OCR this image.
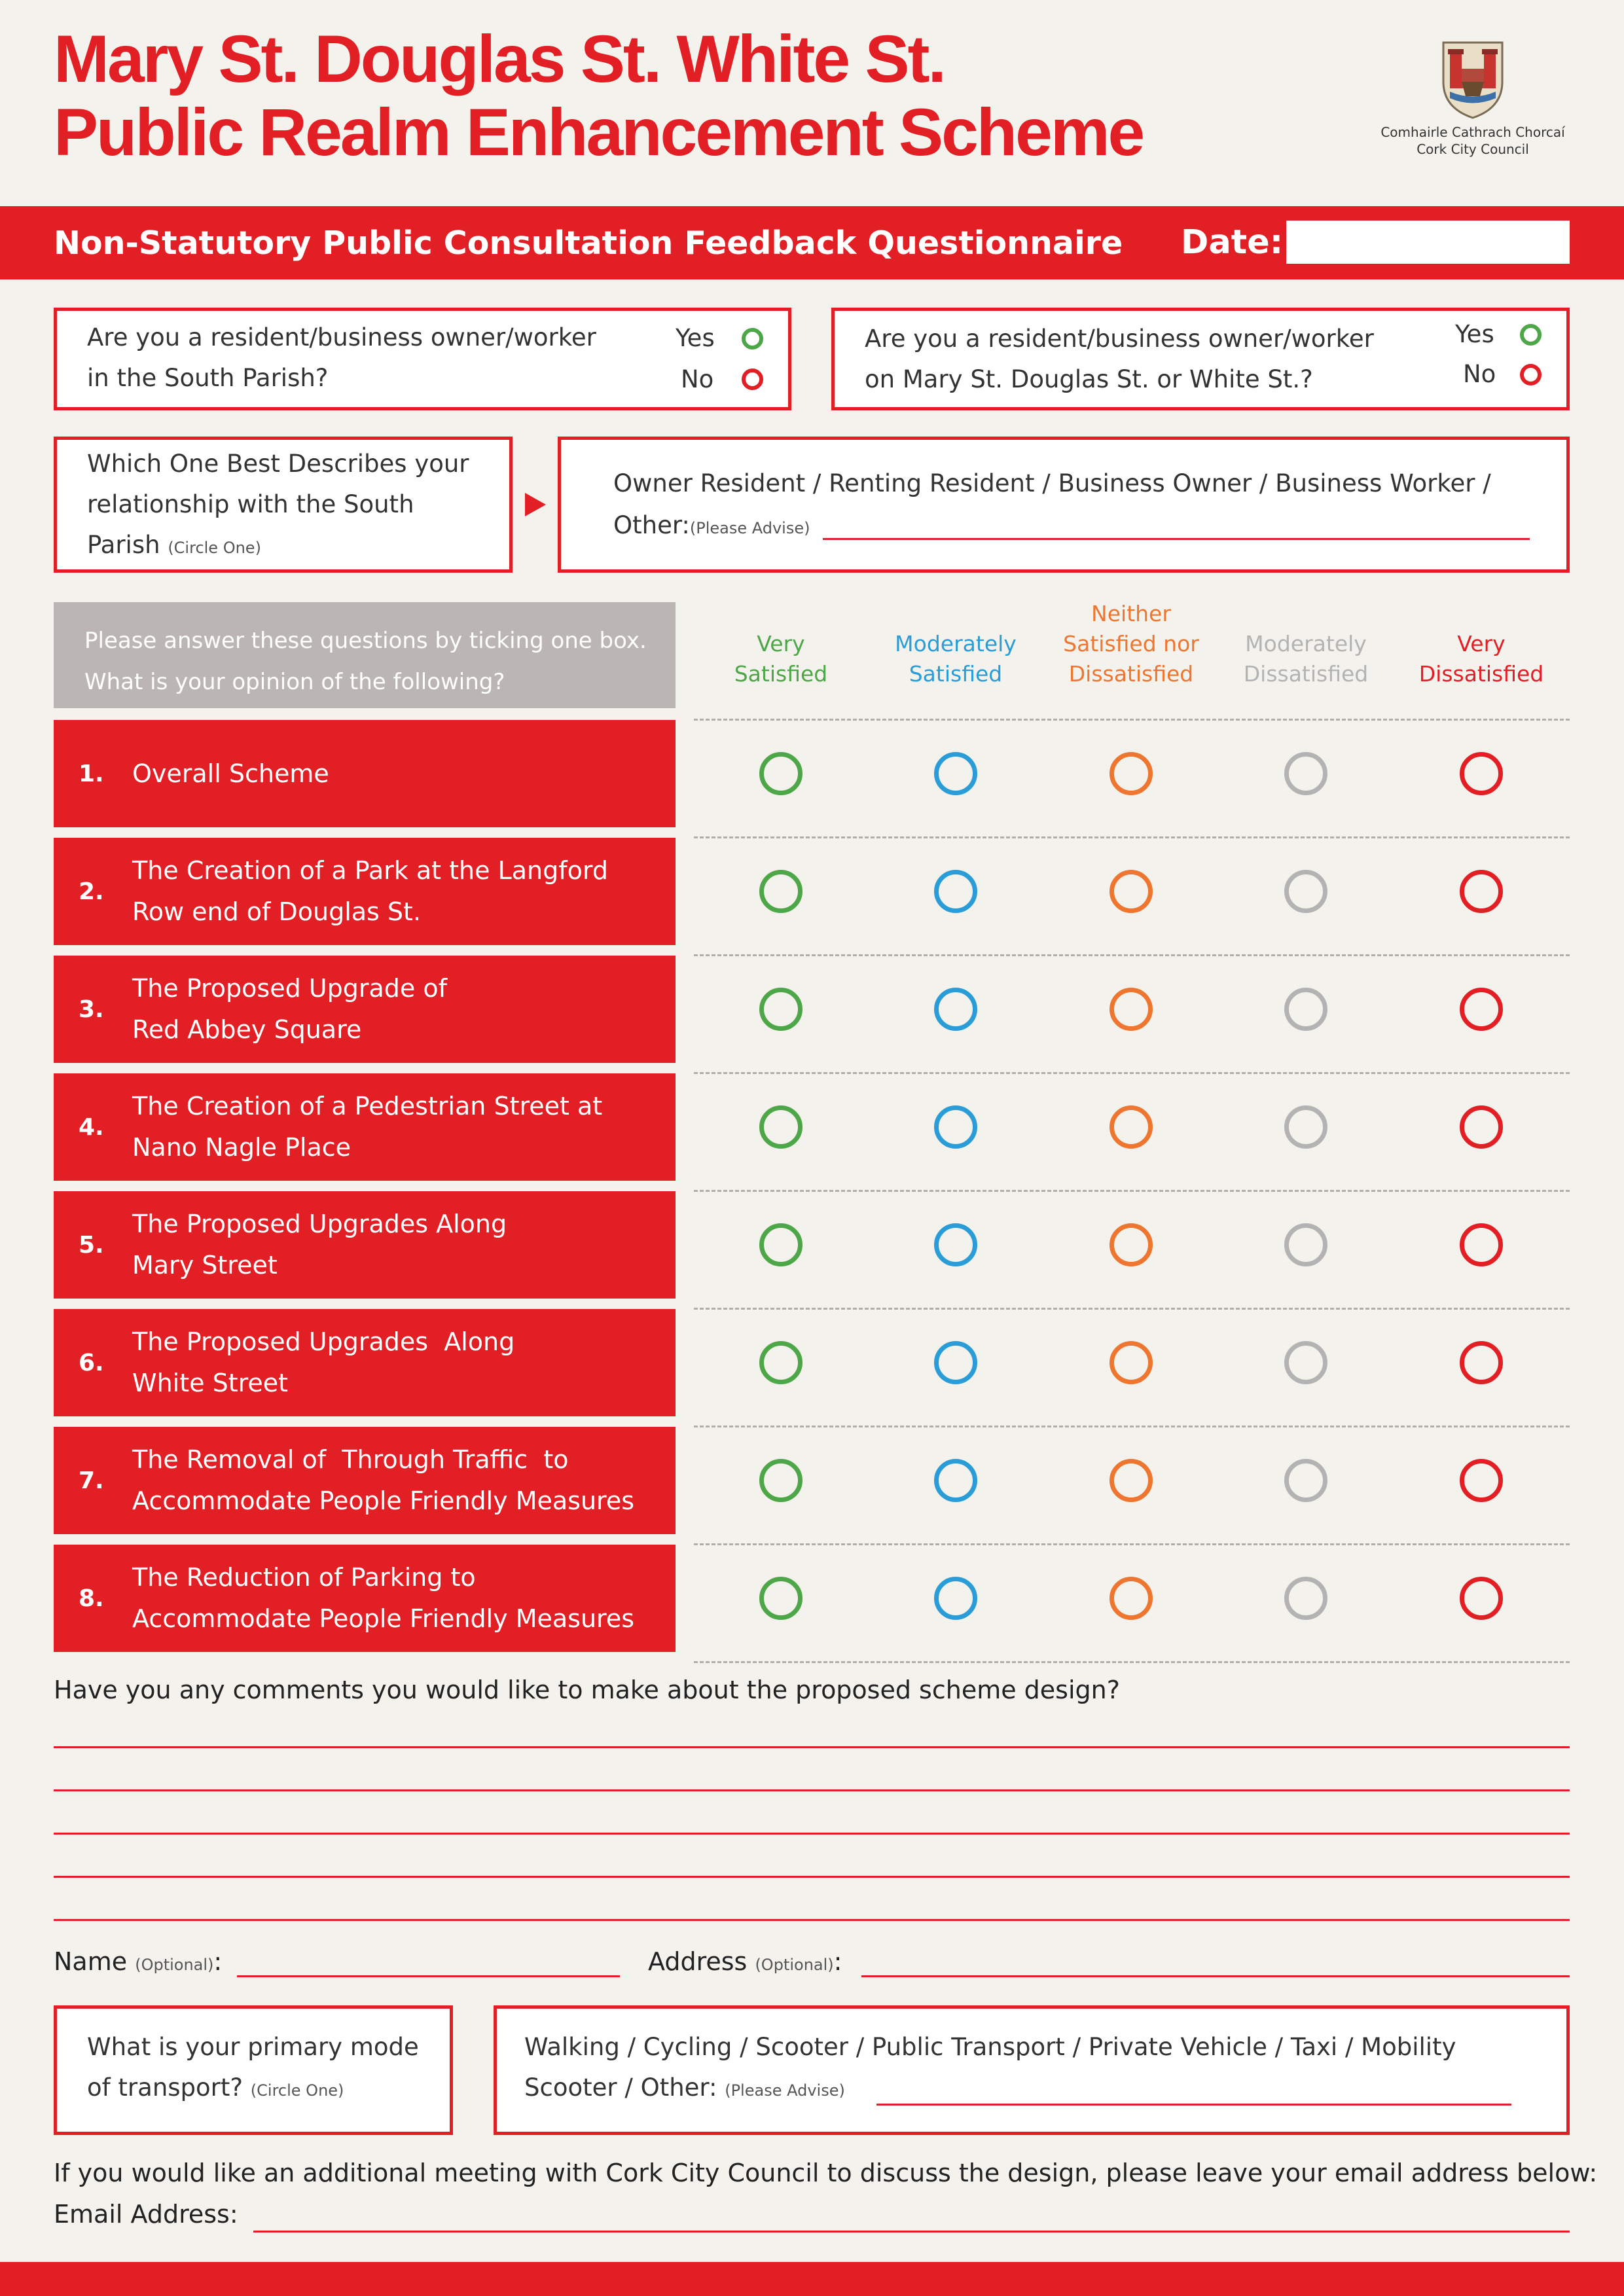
Mary St. Douglas St. White St.
Public Realm Enhancement Scheme	Comhairle Cathrach Chorcaí
Cork City Council
Non-Statutory Public Consultation Feedback Questionnaire Date:
Are you a resident/business owner/worker
in the South Parish?
Yes
No
Are you a resident/business owner/worker
on Mary St. Douglas St. or White St.?
Yes
No
Which One Best Describes your
relationship with the South
Parish (Circle One)
Owner Resident / Renting Resident / Business Owner / Business Worker /
Other:(Please Advise)
Please answer these questions by ticking one box.
What is your opinion of the following?
Very
Satisfied
Moderately
Satisfied
Neither
Satisfied nor
Dissatisfied
Moderately
Dissatisfied
Very
Dissatisfied
1. Overall Scheme
2.
The Creation of a Park at the Langford
Row end of Douglas St.
3.
The Proposed Upgrade of
Red Abbey Square
4.
The Creation of a Pedestrian Street at
Nano Nagle Place
5.
The Proposed Upgrades Along
Mary Street
6.
The Proposed Upgrades  Along
White Street
7.
The Removal of  Through Traffic  to
Accommodate People Friendly Measures
8.
The Reduction of Parking to
Accommodate People Friendly Measures
Have you any comments you would like to make about the proposed scheme design?
Name (Optional):	Address (Optional):
What is your primary mode
of transport? (Circle One)
Walking / Cycling / Scooter / Public Transport / Private Vehicle / Taxi / Mobility
Scooter / Other: (Please Advise)
If you would like an additional meeting with Cork City Council to discuss the design, please leave your email address below:
Email Address:
